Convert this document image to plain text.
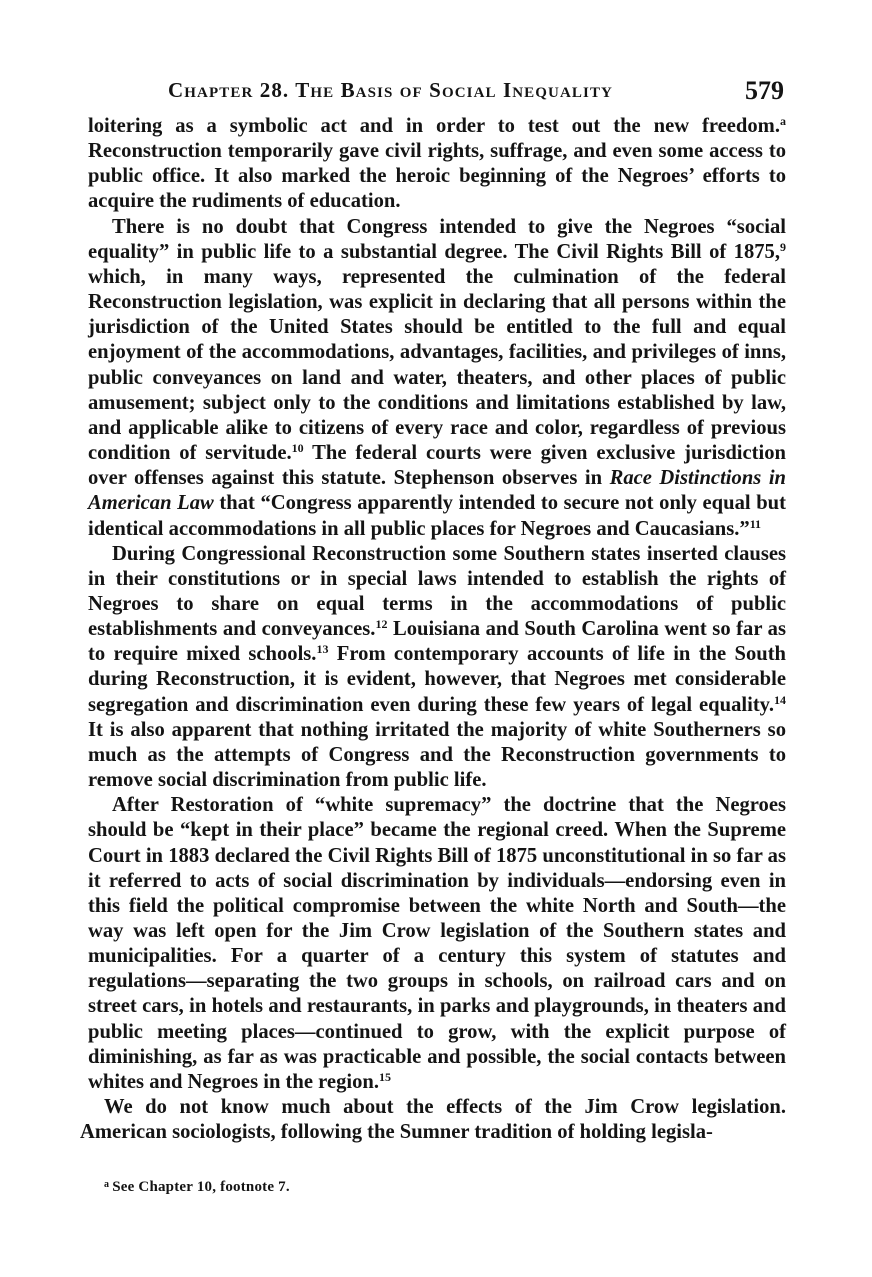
Chapter 28. The Basis of Social Inequality	579

loitering as a symbolic act and in order to test out the new freedom.$^a$ Reconstruction temporarily gave civil rights, suffrage, and even some access to public office. It also marked the heroic beginning of the Negroes’ efforts to acquire the rudiments of education.

There is no doubt that Congress intended to give the Negroes “social equality” in public life to a substantial degree. The Civil Rights Bill of 1875,$^9$ which, in many ways, represented the culmination of the federal Reconstruction legislation, was explicit in declaring that all persons within the jurisdiction of the United States should be entitled to the full and equal enjoyment of the accommodations, advantages, facilities, and privileges of inns, public conveyances on land and water, theaters, and other places of public amusement; subject only to the conditions and limitations established by law, and applicable alike to citizens of every race and color, regardless of previous condition of servitude.$^{10}$ The federal courts were given exclusive jurisdiction over offenses against this statute. Stephenson observes in Race Distinctions in American Law that “Congress apparently intended to secure not only equal but identical accommodations in all public places for Negroes and Caucasians.”$^{11}$

During Congressional Reconstruction some Southern states inserted clauses in their constitutions or in special laws intended to establish the rights of Negroes to share on equal terms in the accommodations of public establishments and conveyances.$^{12}$ Louisiana and South Carolina went so far as to require mixed schools.$^{13}$ From contemporary accounts of life in the South during Reconstruction, it is evident, however, that Negroes met considerable segregation and discrimination even during these few years of legal equality.$^{14}$ It is also apparent that nothing irritated the majority of white Southerners so much as the attempts of Congress and the Reconstruction governments to remove social discrimination from public life.

After Restoration of “white supremacy” the doctrine that the Negroes should be “kept in their place” became the regional creed. When the Supreme Court in 1883 declared the Civil Rights Bill of 1875 unconstitutional in so far as it referred to acts of social discrimination by individuals—endorsing even in this field the political compromise between the white North and South—the way was left open for the Jim Crow legislation of the Southern states and municipalities. For a quarter of a century this system of statutes and regulations—separating the two groups in schools, on railroad cars and on street cars, in hotels and restaurants, in parks and playgrounds, in theaters and public meeting places—continued to grow, with the explicit purpose of diminishing, as far as was practicable and possible, the social contacts between whites and Negroes in the region.$^{15}$

We do not know much about the effects of the Jim Crow legislation. American sociologists, following the Sumner tradition of holding legisla-

$^a$ See Chapter 10, footnote 7.
